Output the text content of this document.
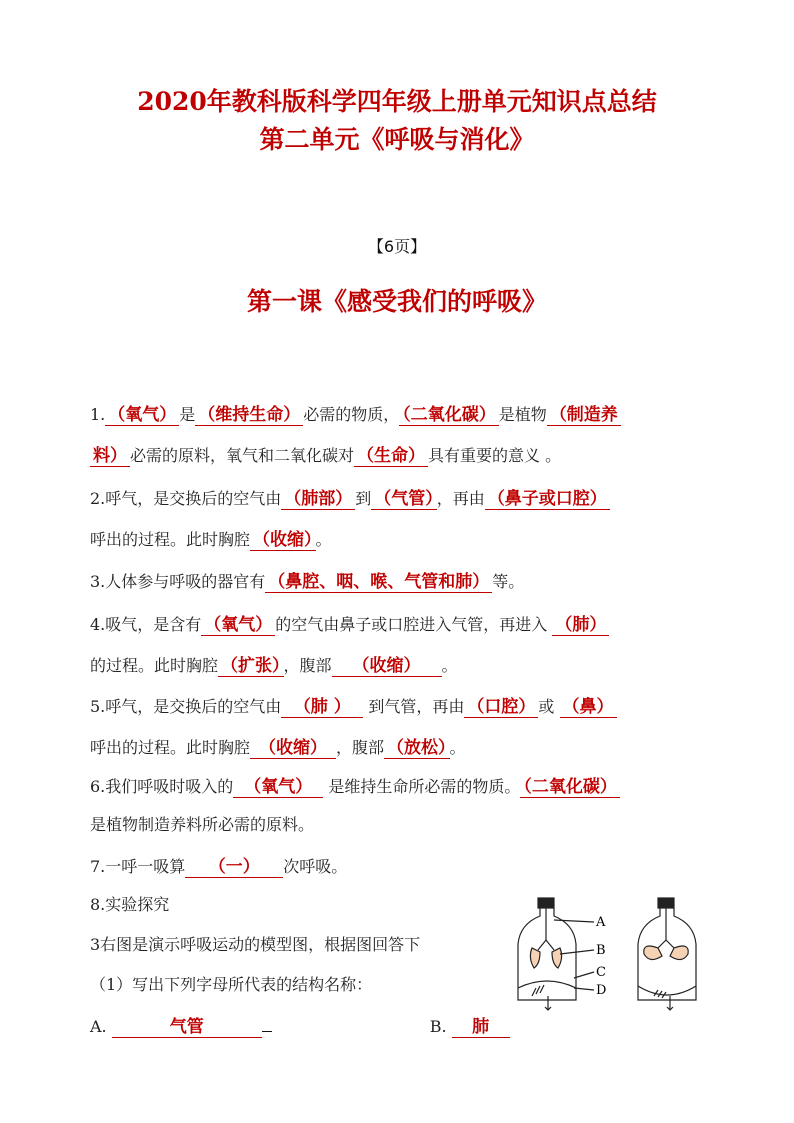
2020年教科版科学四年级上册单元知识点总结
第二单元《呼吸与消化》
【6页】
第一课《感受我们的呼吸》
1. （氧气） 是 （维持生命） 必需的物质， （二氧化碳） 是植物 （制造养
料） 必需的原料，氧气和二氧化碳对 （生命） 具有重要的意义 。
2.呼气，是交换后的空气由 （肺部） 到 （气管） ，再由 （鼻子或口腔）
呼出的过程。此时胸腔 （收缩） 。
3.人体参与呼吸的器官有 （鼻腔、咽、喉、气管和肺） 等。
4.吸气，是含有 （氧气） 的空气由鼻子或口腔进入气管，再进入 （肺）
的过程。此时胸腔 （扩张） ，腹部 （收缩） 。
5.呼气，是交换后的空气由 （肺 ） 到气管，再由 （口腔） 或 （鼻）
呼出的过程。此时胸腔 （收缩） ，腹部 （放松） 。
6.我们呼吸时吸入的 （氧气） 是维持生命所必需的物质。 （二氧化碳）
是植物制造养料所必需的原料。
7.一呼一吸算 （一） 次呼吸。
8.实验探究
3右图是演示呼吸运动的模型图，根据图回答下
（1）写出下列字母所代表的结构名称：
A.	气管	B. 肺
A
B
C
D
